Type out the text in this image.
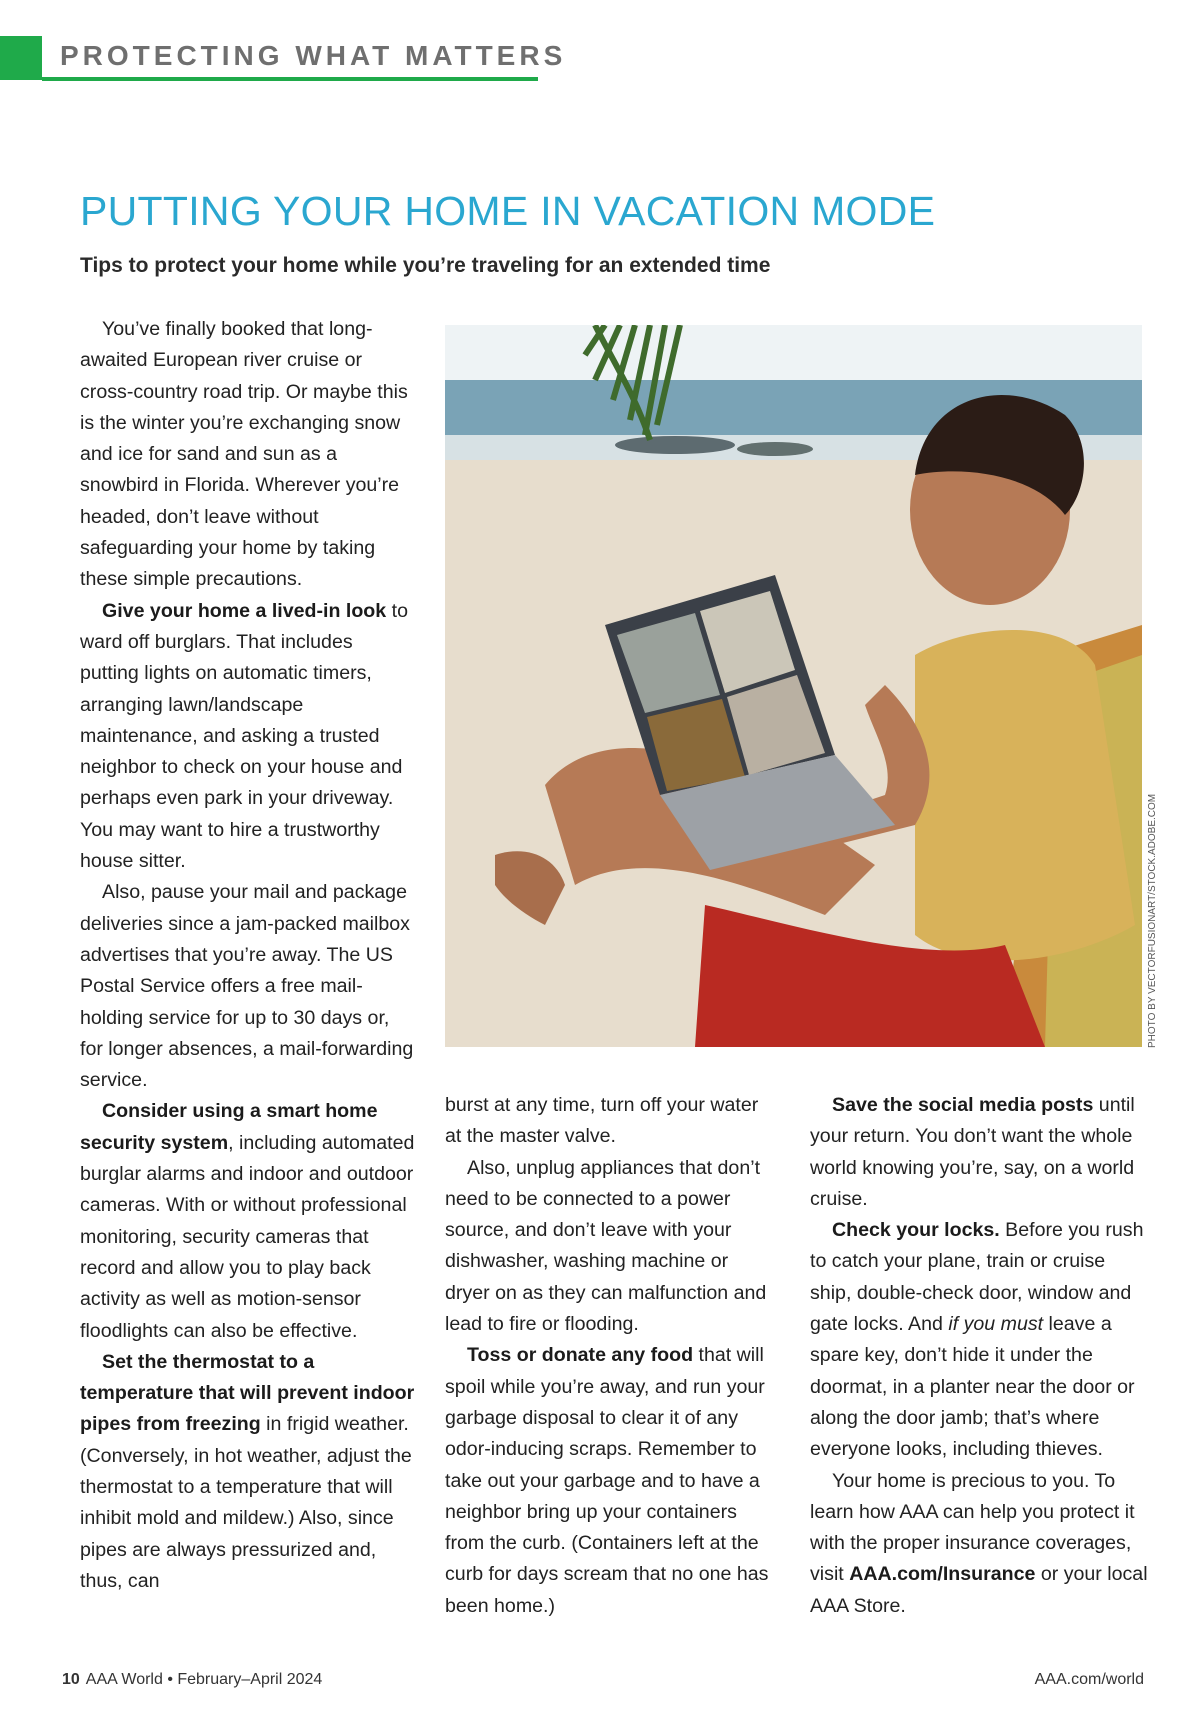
PROTECTING WHAT MATTERS
PUTTING YOUR HOME IN VACATION MODE
Tips to protect your home while you’re traveling for an extended time

You’ve finally booked that long-awaited European river cruise or cross-country road trip. Or maybe this is the winter you’re exchanging snow and ice for sand and sun as a snowbird in Florida. Wherever you’re headed, don’t leave without safeguarding your home by taking these simple precautions.

Give your home a lived-in look to ward off burglars. That includes putting lights on automatic timers, arranging lawn/landscape maintenance, and asking a trusted neighbor to check on your house and perhaps even park in your driveway. You may want to hire a trustworthy house sitter.

Also, pause your mail and package deliveries since a jam-packed mailbox advertises that you’re away. The US Postal Service offers a free mail-holding service for up to 30 days or, for longer absences, a mail-forwarding service.

Consider using a smart home security system, including automated burglar alarms and indoor and outdoor cameras. With or without professional monitoring, security cameras that record and allow you to play back activity as well as motion-sensor floodlights can also be effective.

Set the thermostat to a temperature that will prevent indoor pipes from freezing in frigid weather. (Conversely, in hot weather, adjust the thermostat to a temperature that will inhibit mold and mildew.) Also, since pipes are always pressurized and, thus, can

PHOTO BY VECTORFUSIONART/STOCK.ADOBE.COM

burst at any time, turn off your water at the master valve.

Also, unplug appliances that don’t need to be connected to a power source, and don’t leave with your dishwasher, washing machine or dryer on as they can malfunction and lead to fire or flooding.

Toss or donate any food that will spoil while you’re away, and run your garbage disposal to clear it of any odor-inducing scraps. Remember to take out your garbage and to have a neighbor bring up your containers from the curb. (Containers left at the curb for days scream that no one has been home.)

Save the social media posts until your return. You don’t want the whole world knowing you’re, say, on a world cruise.

Check your locks. Before you rush to catch your plane, train or cruise ship, double-check door, window and gate locks. And if you must leave a spare key, don’t hide it under the doormat, in a planter near the door or along the door jamb; that’s where everyone looks, including thieves.

Your home is precious to you. To learn how AAA can help you protect it with the proper insurance coverages, visit AAA.com/Insurance or your local AAA Store.

10 AAA World • February–April 2024	AAA.com/world
